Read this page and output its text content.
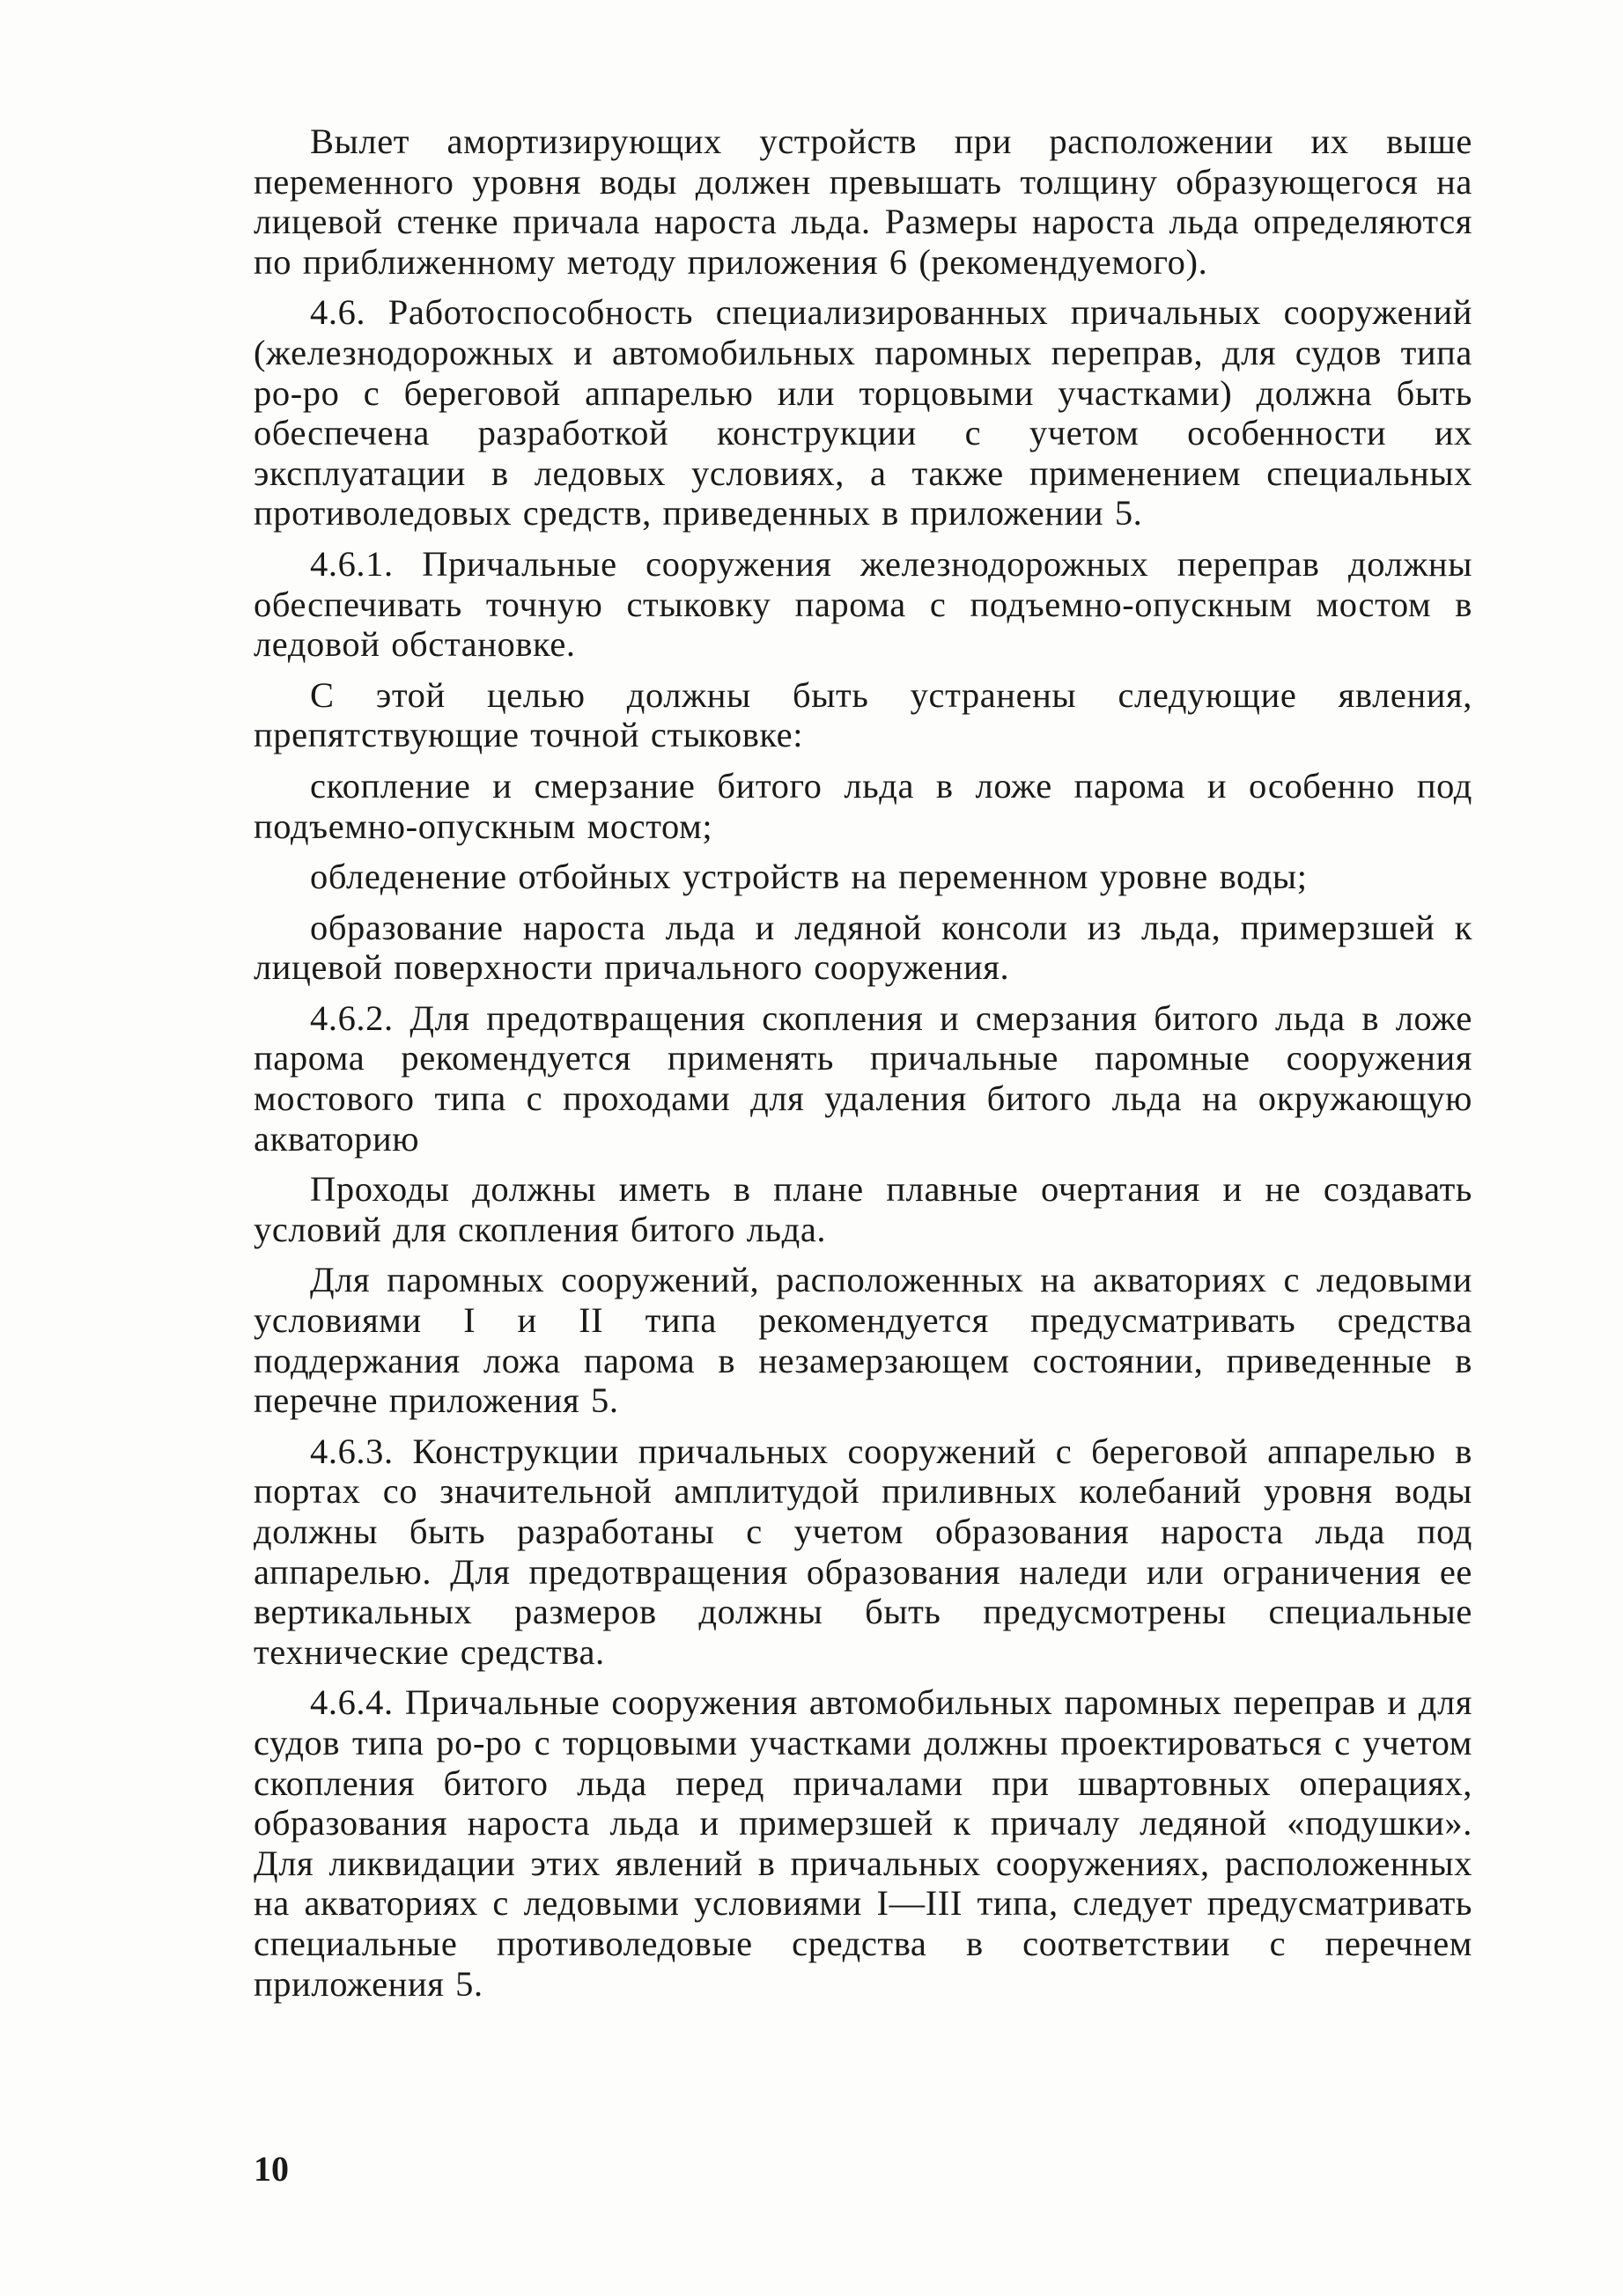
Вылет амортизирующих устройств при расположении их выше переменного уровня воды должен превышать толщину образующегося на лицевой стенке причала нароста льда. Размеры нароста льда определяются по приближенному методу приложения 6 (рекомендуемого).

4.6. Работоспособность специализированных причальных сооружений (железнодорожных и автомобильных паромных переправ, для судов типа ро-ро с береговой аппарелью или торцовыми участками) должна быть обеспечена разработкой конструкции с учетом особенности их эксплуатации в ледовых условиях, а также применением специальных противоледовых средств, приведенных в приложении 5.

4.6.1. Причальные сооружения железнодорожных переправ должны обеспечивать точную стыковку парома с подъемно-опускным мостом в ледовой обстановке.

С этой целью должны быть устранены следующие явления, препятствующие точной стыковке:

скопление и смерзание битого льда в ложе парома и особенно под подъемно-опускным мостом;

обледенение отбойных устройств на переменном уровне воды;

образование нароста льда и ледяной консоли из льда, примерзшей к лицевой поверхности причального сооружения.

4.6.2. Для предотвращения скопления и смерзания битого льда в ложе парома рекомендуется применять причальные паромные сооружения мостового типа с проходами для удаления битого льда на окружающую акваторию

Проходы должны иметь в плане плавные очертания и не создавать условий для скопления битого льда.

Для паромных сооружений, расположенных на акваториях с ледовыми условиями I и II типа рекомендуется предусматривать средства поддержания ложа парома в незамерзающем состоянии, приведенные в перечне приложения 5.

4.6.3. Конструкции причальных сооружений с береговой аппарелью в портах со значительной амплитудой приливных колебаний уровня воды должны быть разработаны с учетом образования нароста льда под аппарелью. Для предотвращения образования наледи или ограничения ее вертикальных размеров должны быть предусмотрены специальные технические средства.

4.6.4. Причальные сооружения автомобильных паромных переправ и для судов типа ро-ро с торцовыми участками должны проектироваться с учетом скопления битого льда перед причалами при швартовных операциях, образования нароста льда и примерзшей к причалу ледяной «подушки». Для ликвидации этих явлений в причальных сооружениях, расположенных на акваториях с ледовыми условиями I—III типа, следует предусматривать специальные противоледовые средства в соответствии с перечнем приложения 5.

10
